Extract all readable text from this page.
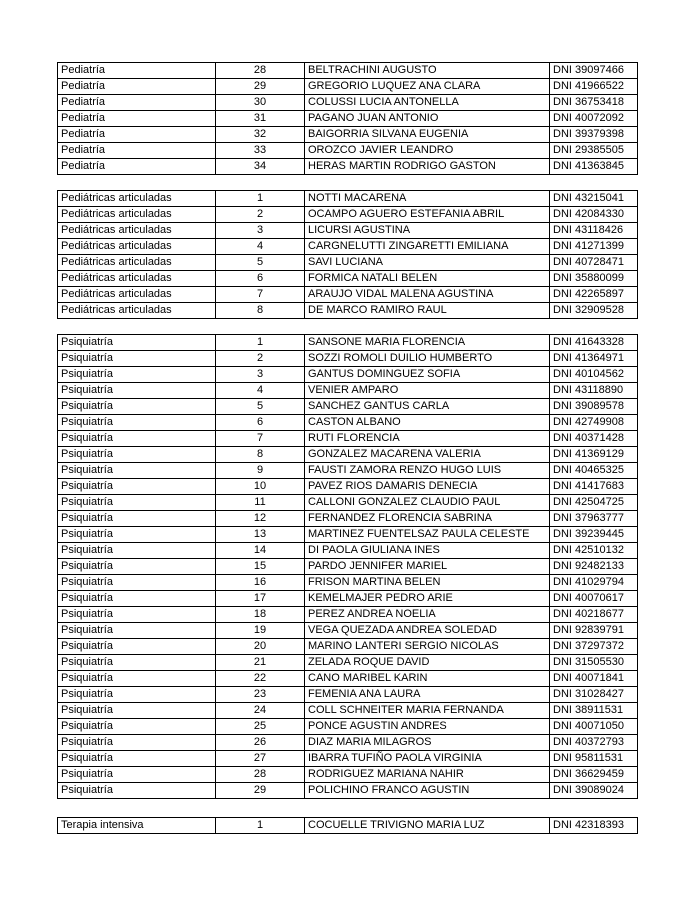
Pediatría	28	BELTRACHINI AUGUSTO	DNI 39097466
Pediatría	29	GREGORIO LUQUEZ ANA CLARA	DNI 41966522
Pediatría	30	COLUSSI LUCIA ANTONELLA	DNI 36753418
Pediatría	31	PAGANO JUAN ANTONIO	DNI 40072092
Pediatría	32	BAIGORRIA SILVANA EUGENIA	DNI 39379398
Pediatría	33	OROZCO JAVIER LEANDRO	DNI 29385505
Pediatría	34	HERAS MARTIN RODRIGO GASTON	DNI 41363845
Pediátricas articuladas	1	NOTTI MACARENA	DNI 43215041
Pediátricas articuladas	2	OCAMPO AGUERO ESTEFANIA ABRIL	DNI 42084330
Pediátricas articuladas	3	LICURSI AGUSTINA	DNI 43118426
Pediátricas articuladas	4	CARGNELUTTI ZINGARETTI EMILIANA	DNI 41271399
Pediátricas articuladas	5	SAVI LUCIANA	DNI 40728471
Pediátricas articuladas	6	FORMICA NATALI BELEN	DNI 35880099
Pediátricas articuladas	7	ARAUJO VIDAL MALENA AGUSTINA	DNI 42265897
Pediátricas articuladas	8	DE MARCO RAMIRO RAUL	DNI 32909528
Psiquiatría	1	SANSONE MARIA FLORENCIA	DNI 41643328
Psiquiatría	2	SOZZI ROMOLI DUILIO HUMBERTO	DNI 41364971
Psiquiatría	3	GANTUS DOMINGUEZ SOFIA	DNI 40104562
Psiquiatría	4	VENIER AMPARO	DNI 43118890
Psiquiatría	5	SANCHEZ GANTUS CARLA	DNI 39089578
Psiquiatría	6	CASTON ALBANO	DNI 42749908
Psiquiatría	7	RUTI FLORENCIA	DNI 40371428
Psiquiatría	8	GONZALEZ MACARENA VALERIA	DNI 41369129
Psiquiatría	9	FAUSTI ZAMORA RENZO HUGO LUIS	DNI 40465325
Psiquiatría	10	PAVEZ RIOS DAMARIS DENECIA	DNI 41417683
Psiquiatría	11	CALLONI GONZALEZ CLAUDIO PAUL	DNI 42504725
Psiquiatría	12	FERNANDEZ FLORENCIA SABRINA	DNI 37963777
Psiquiatría	13	MARTINEZ FUENTELSAZ PAULA CELESTE	DNI 39239445
Psiquiatría	14	DI PAOLA GIULIANA INES	DNI 42510132
Psiquiatría	15	PARDO JENNIFER MARIEL	DNI 92482133
Psiquiatría	16	FRISON MARTINA BELEN	DNI 41029794
Psiquiatría	17	KEMELMAJER PEDRO ARIE	DNI 40070617
Psiquiatría	18	PEREZ ANDREA NOELIA	DNI 40218677
Psiquiatría	19	VEGA QUEZADA ANDREA SOLEDAD	DNI 92839791
Psiquiatría	20	MARINO LANTERI SERGIO NICOLAS	DNI 37297372
Psiquiatría	21	ZELADA ROQUE DAVID	DNI 31505530
Psiquiatría	22	CANO MARIBEL KARIN	DNI 40071841
Psiquiatría	23	FEMENIA ANA LAURA	DNI 31028427
Psiquiatría	24	COLL SCHNEITER MARIA FERNANDA	DNI 38911531
Psiquiatría	25	PONCE AGUSTIN ANDRES	DNI 40071050
Psiquiatría	26	DIAZ MARIA MILAGROS	DNI 40372793
Psiquiatría	27	IBARRA TUFIÑO PAOLA VIRGINIA	DNI 95811531
Psiquiatría	28	RODRIGUEZ MARIANA NAHIR	DNI 36629459
Psiquiatría	29	POLICHINO FRANCO AGUSTIN	DNI 39089024
Terapia intensiva	1	COCUELLE TRIVIGNO MARIA LUZ	DNI 42318393
